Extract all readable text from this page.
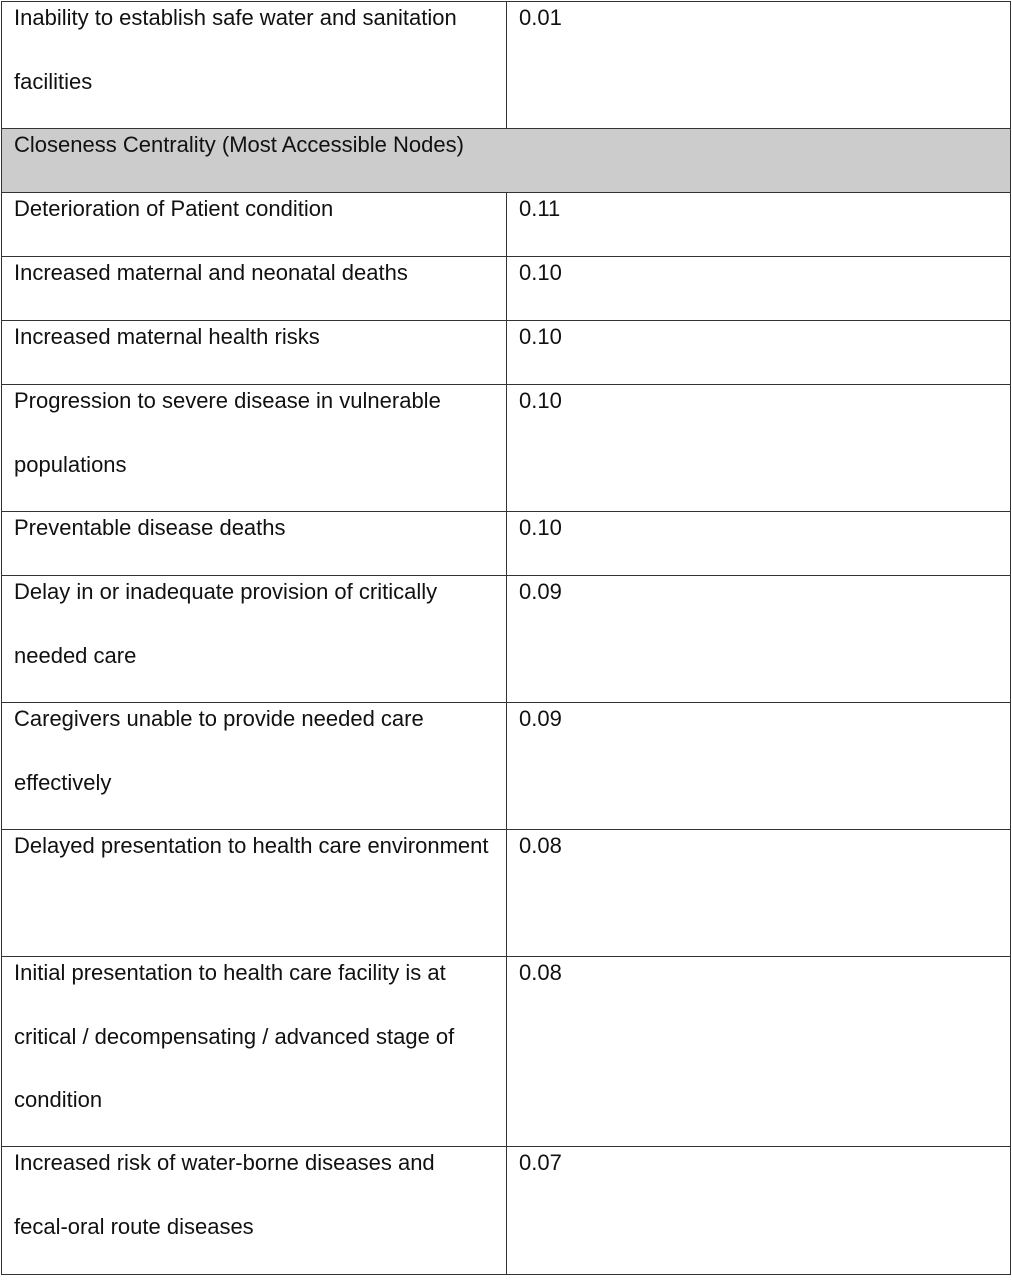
Inability to establish safe water and sanitation facilities	0.01

Closeness Centrality (Most Accessible Nodes)	

Deterioration of Patient condition	0.11

Increased maternal and neonatal deaths	0.10

Increased maternal health risks	0.10

Progression to severe disease in vulnerable populations	0.10

Preventable disease deaths	0.10

Delay in or inadequate provision of critically needed care	0.09

Caregivers unable to provide needed care effectively	0.09

Delayed presentation to health care environment	0.08

Initial presentation to health care facility is at critical / decompensating / advanced stage of condition	0.08

Increased risk of water-borne diseases and fecal-oral route diseases	0.07
